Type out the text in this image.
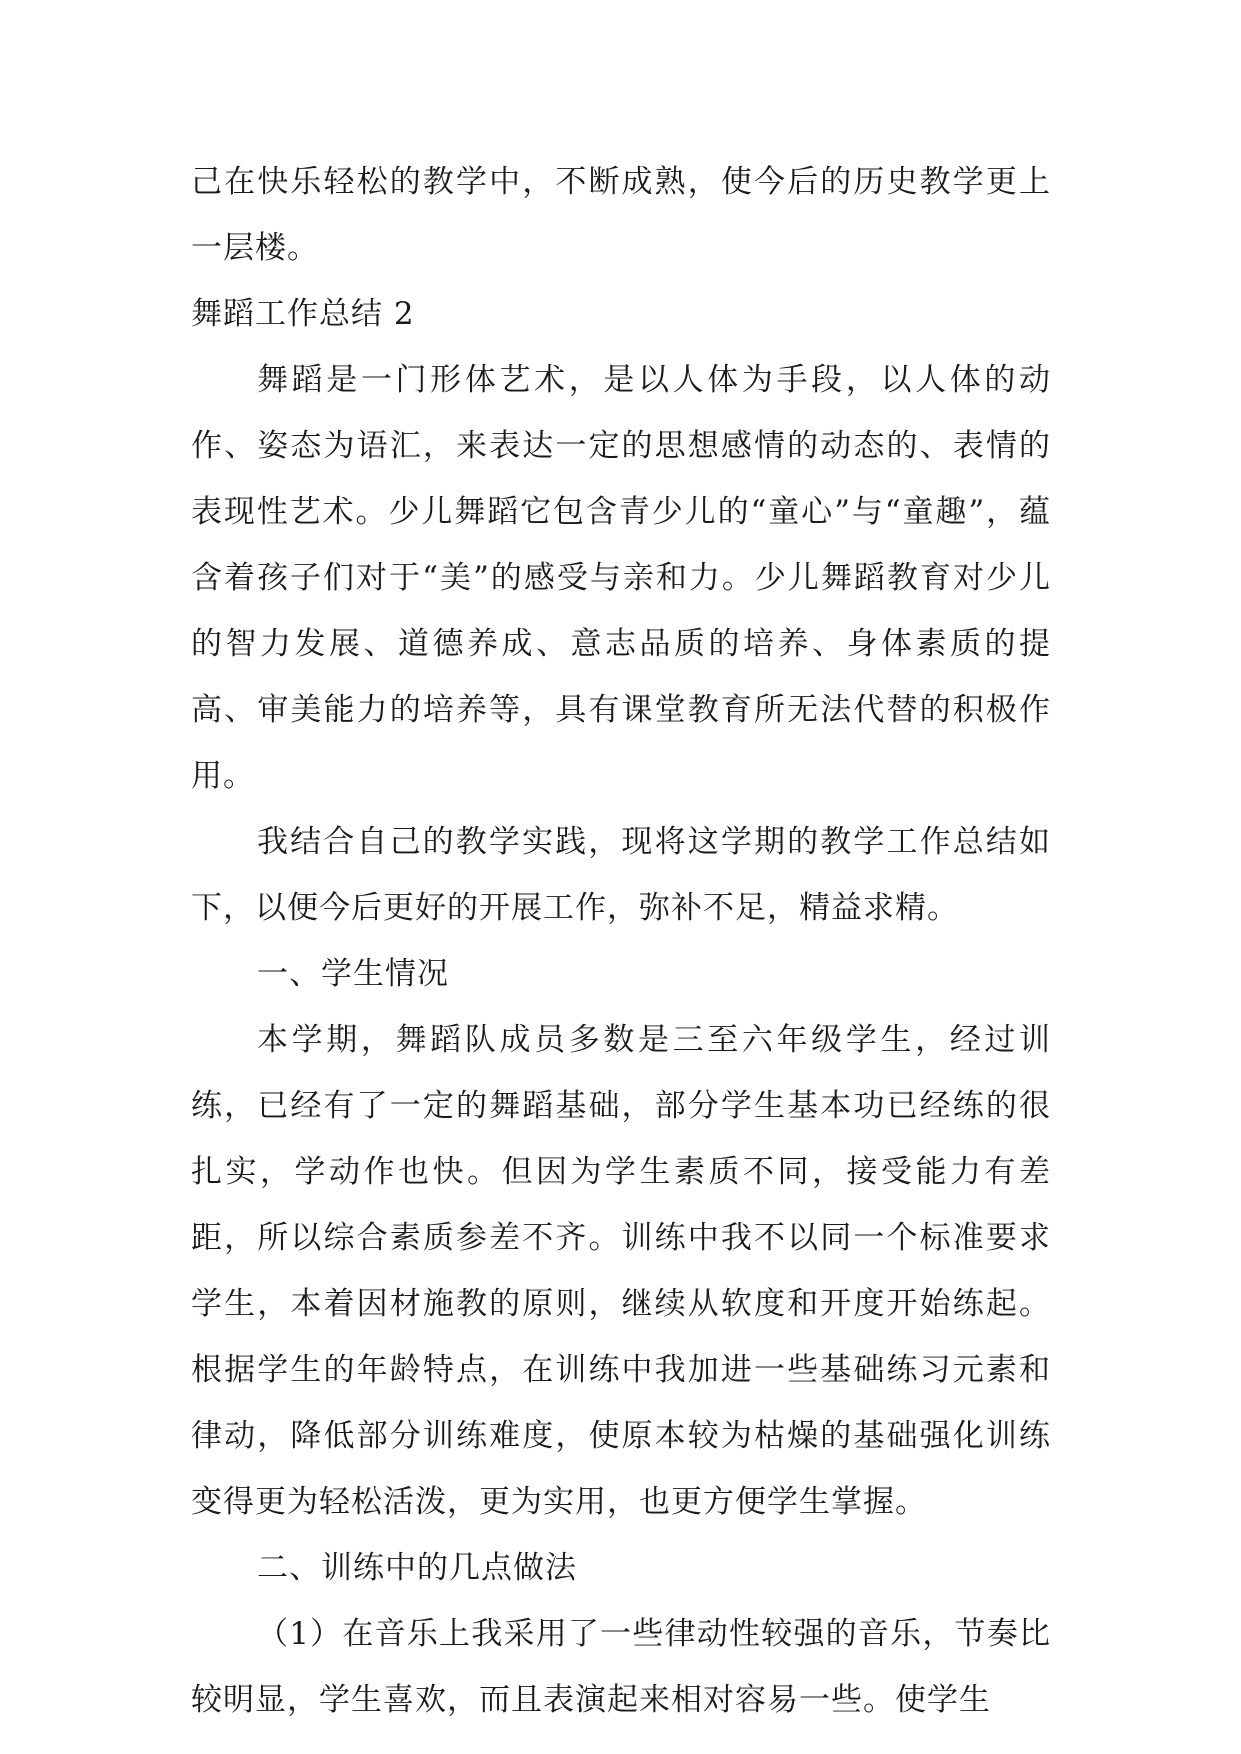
己在快乐轻松的教学中，不断成熟，使今后的历史教学更上一层楼。

舞蹈工作总结 2

舞蹈是一门形体艺术，是以人体为手段，以人体的动作、姿态为语汇，来表达一定的思想感情的动态的、表情的表现性艺术。少儿舞蹈它包含青少儿的“童心”与“童趣”，蕴含着孩子们对于“美”的感受与亲和力。少儿舞蹈教育对少儿的智力发展、道德养成、意志品质的培养、身体素质的提高、审美能力的培养等，具有课堂教育所无法代替的积极作用。

我结合自己的教学实践，现将这学期的教学工作总结如下，以便今后更好的开展工作，弥补不足，精益求精。

一、学生情况

本学期，舞蹈队成员多数是三至六年级学生，经过训练，已经有了一定的舞蹈基础，部分学生基本功已经练的很扎实，学动作也快。但因为学生素质不同，接受能力有差距，所以综合素质参差不齐。训练中我不以同一个标准要求学生，本着因材施教的原则，继续从软度和开度开始练起。根据学生的年龄特点，在训练中我加进一些基础练习元素和律动，降低部分训练难度，使原本较为枯燥的基础强化训练变得更为轻松活泼，更为实用，也更方便学生掌握。

二、训练中的几点做法

（1）在音乐上我采用了一些律动性较强的音乐，节奏比较明显，学生喜欢，而且表演起来相对容易一些。使学生
